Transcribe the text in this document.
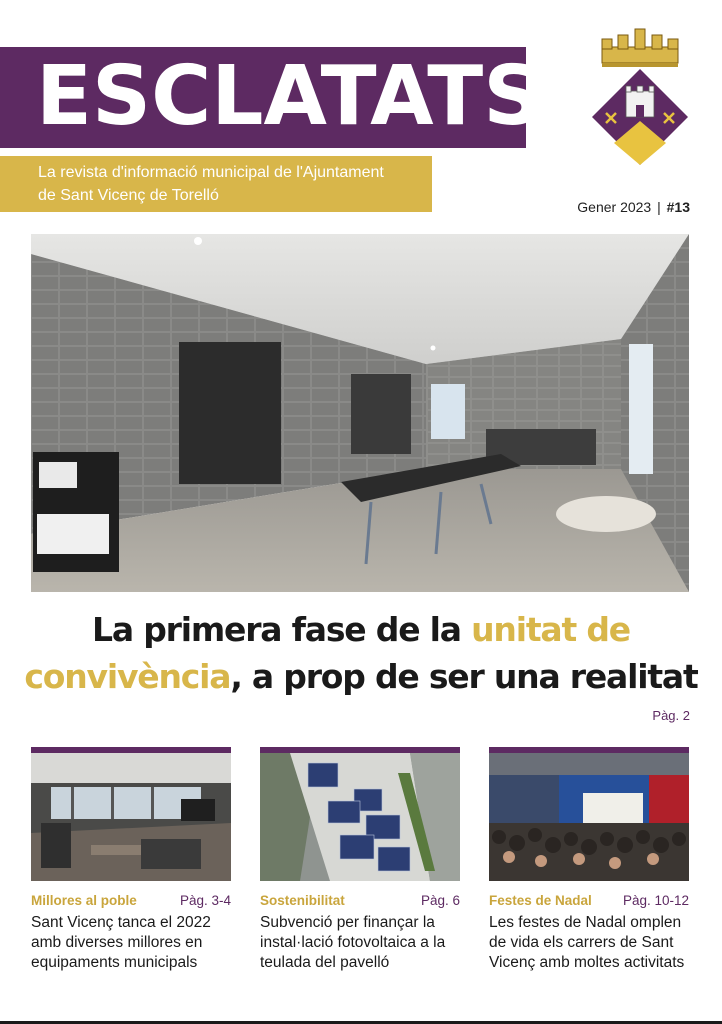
ESCLATATS
La revista d'informació municipal de l'Ajuntament
de Sant Vicenç de Torelló
Gener 2023 | #13
La primera fase de la unitat de
convivència, a prop de ser una realitat
Pàg. 2
Millores al poble	Pàg. 3-4
Sant Vicenç tanca el 2022 amb diverses millores en equipaments municipals
Sostenibilitat	Pàg. 6
Subvenció per finançar la instal·lació fotovoltaica a la teulada del pavelló
Festes de Nadal Pàg. 10-12
Les festes de Nadal omplen de vida els carrers de Sant Vicenç amb moltes activitats
